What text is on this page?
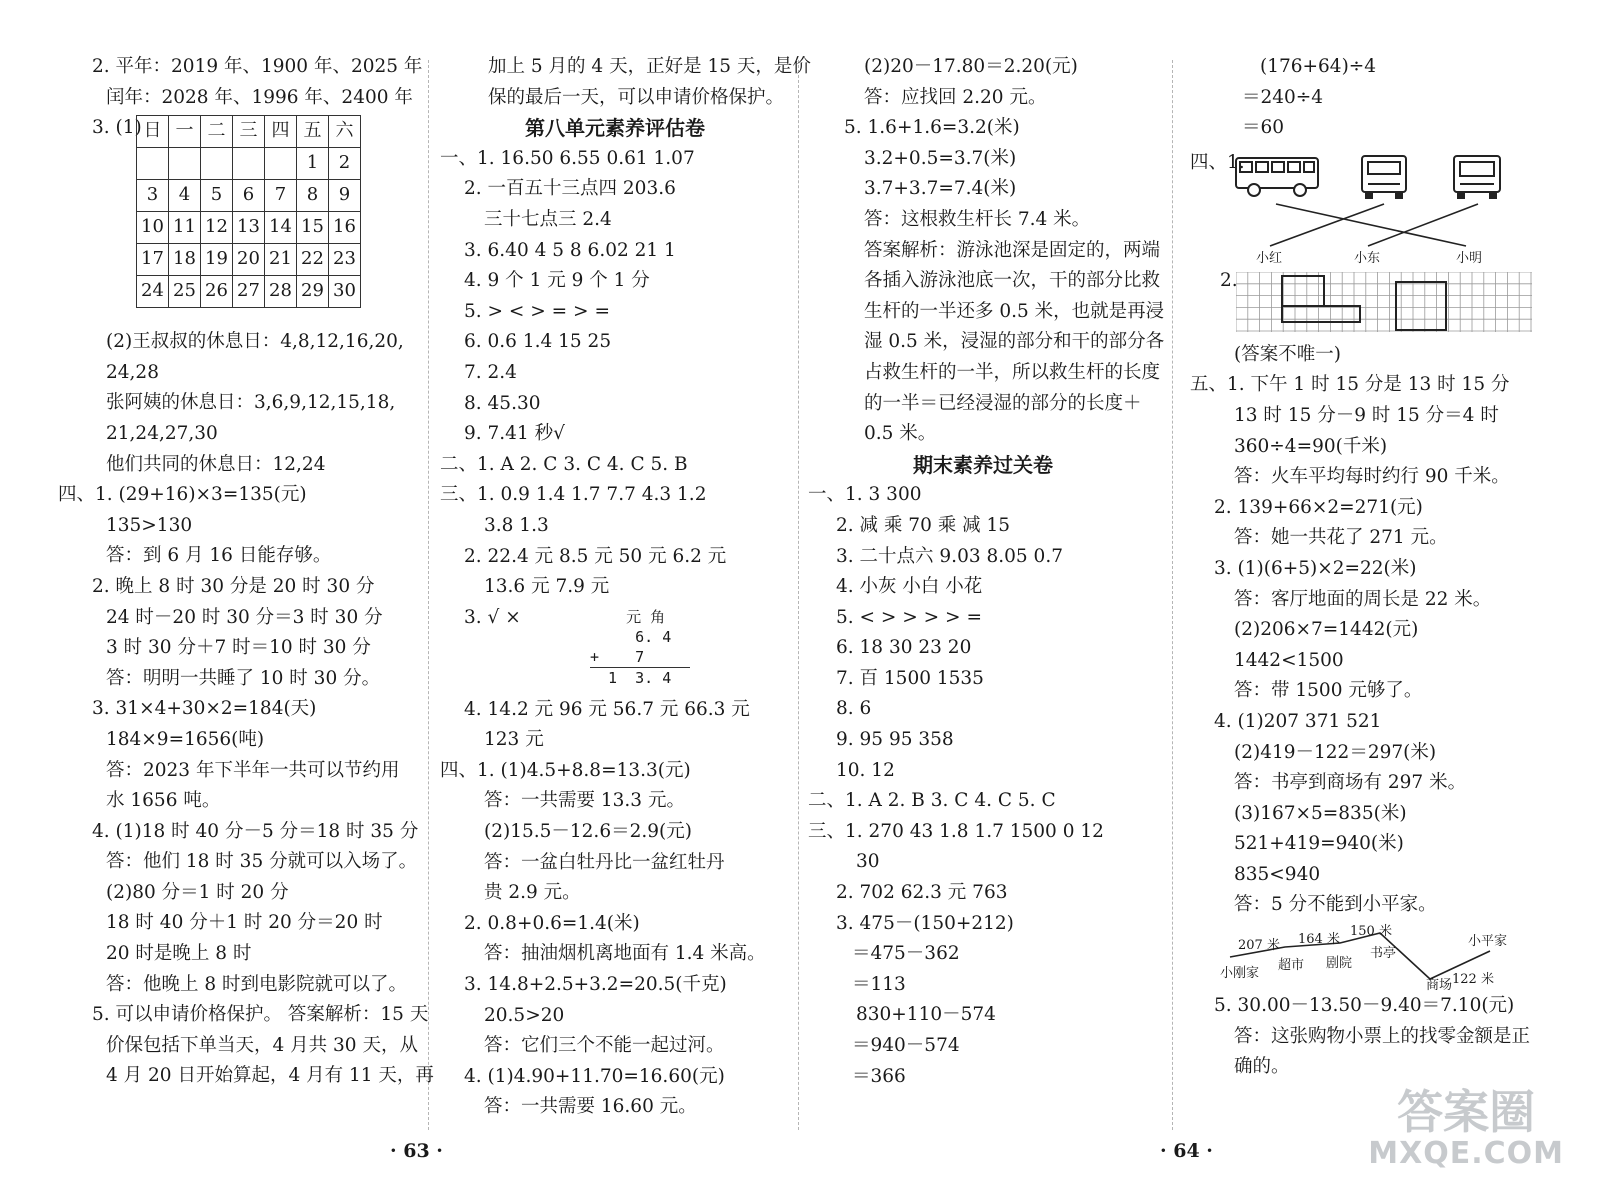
2. 平年：2019 年、1900 年、2025 年
闰年：2028 年、1996 年、2400 年
3. (1) 日	一	二	三	四	五	六
					1	2
3	4	5	6	7	8	9
10	11	12	13	14	15	16
17	18	19	20	21	22	23
24	25	26	27	28	29	30
(2)王叔叔的休息日：4,8,12,16,20,
24,28
张阿姨的休息日：3,6,9,12,15,18,
21,24,27,30
他们共同的休息日：12,24
四、1. (29+16)×3=135(元)
135>130
答：到 6 月 16 日能存够。
2. 晚上 8 时 30 分是 20 时 30 分
24 时－20 时 30 分＝3 时 30 分
3 时 30 分＋7 时＝10 时 30 分
答：明明一共睡了 10 时 30 分。
3. 31×4+30×2=184(天)
184×9=1656(吨)
答：2023 年下半年一共可以节约用
水 1656 吨。
4. (1)18 时 40 分－5 分＝18 时 35 分
答：他们 18 时 35 分就可以入场了。
(2)80 分＝1 时 20 分
18 时 40 分＋1 时 20 分＝20 时
20 时是晚上 8 时
答：他晚上 8 时到电影院就可以了。
5. 可以申请价格保护。 答案解析：15 天
价保包括下单当天，4 月共 30 天，从
4 月 20 日开始算起，4 月有 11 天，再
加上 5 月的 4 天，正好是 15 天，是价
保的最后一天，可以申请价格保护。
第八单元素养评估卷
一、1. 16.50 6.55 0.61 1.07
2. 一百五十三点四 203.6
三十七点三 2.4
3. 6.40 4 5 8 6.02 21 1
4. 9 个 1 元 9 个 1 分
5. > < > = > =
6. 0.6 1.4 15 25
7. 2.4
8. 45.30
9. 7.41 秒√
二、1. A 2. C 3. C 4. C 5. B
三、1. 0.9 1.4 1.7 7.7 4.3 1.2
3.8 1.3
2. 22.4 元 8.5 元 50 元 6.2 元
13.6 元 7.9 元
3. √ ×	元 角
6. 4
+    7
1  3. 4
4. 14.2 元 96 元 56.7 元 66.3 元
123 元
四、1. (1)4.5+8.8=13.3(元)
答：一共需要 13.3 元。
(2)15.5－12.6＝2.9(元)
答：一盆白牡丹比一盆红牡丹
贵 2.9 元。
2. 0.8+0.6=1.4(米)
答：抽油烟机离地面有 1.4 米高。
3. 14.8+2.5+3.2=20.5(千克)
20.5>20
答：它们三个不能一起过河。
4. (1)4.90+11.70=16.60(元)
答：一共需要 16.60 元。
(2)20－17.80＝2.20(元)
答：应找回 2.20 元。
5. 1.6+1.6=3.2(米)
3.2+0.5=3.7(米)
3.7+3.7=7.4(米)
答：这根救生杆长 7.4 米。
答案解析：游泳池深是固定的，两端
各插入游泳池底一次，干的部分比救
生杆的一半还多 0.5 米，也就是再浸
湿 0.5 米，浸湿的部分和干的部分各
占救生杆的一半，所以救生杆的长度
的一半＝已经浸湿的部分的长度＋
0.5 米。
期末素养过关卷
一、1. 3 300
2. 减 乘 70 乘 减 15
3. 二十点六 9.03 8.05 0.7
4. 小灰 小白 小花
5. < > > > > =
6. 18 30 23 20
7. 百 1500 1535
8. 6
9. 95 95 358
10. 12
二、1. A 2. B 3. C 4. C 5. C
三、1. 270 43 1.8 1.7 1500 0 12
30
2. 702 62.3 元 763
3. 475－(150+212)
＝475－362
＝113
830+110－574
＝940－574
＝366
(176+64)÷4
＝240÷4
＝60
四、1.
小红	小东	小明
2.
(答案不唯一)
五、1. 下午 1 时 15 分是 13 时 15 分
13 时 15 分－9 时 15 分＝4 时
360÷4=90(千米)
答：火车平均每时约行 90 千米。
2. 139+66×2=271(元)
答：她一共花了 271 元。
3. (1)(6+5)×2=22(米)
答：客厅地面的周长是 22 米。
(2)206×7=1442(元)
1442<1500
答：带 1500 元够了。
4. (1)207 371 521
(2)419－122＝297(米)
答：书亭到商场有 297 米。
(3)167×5=835(米)
521+419=940(米)
835<940
答：5 分不能到小平家。
207 米 164 米
150 米
小刚家
超市 剧院
书亭
商场 122 米
小平家
5. 30.00－13.50－9.40＝7.10(元)
答：这张购物小票上的找零金额是正
确的。
· 63 ·	· 64 ·
答案圈
MXQE.COM
